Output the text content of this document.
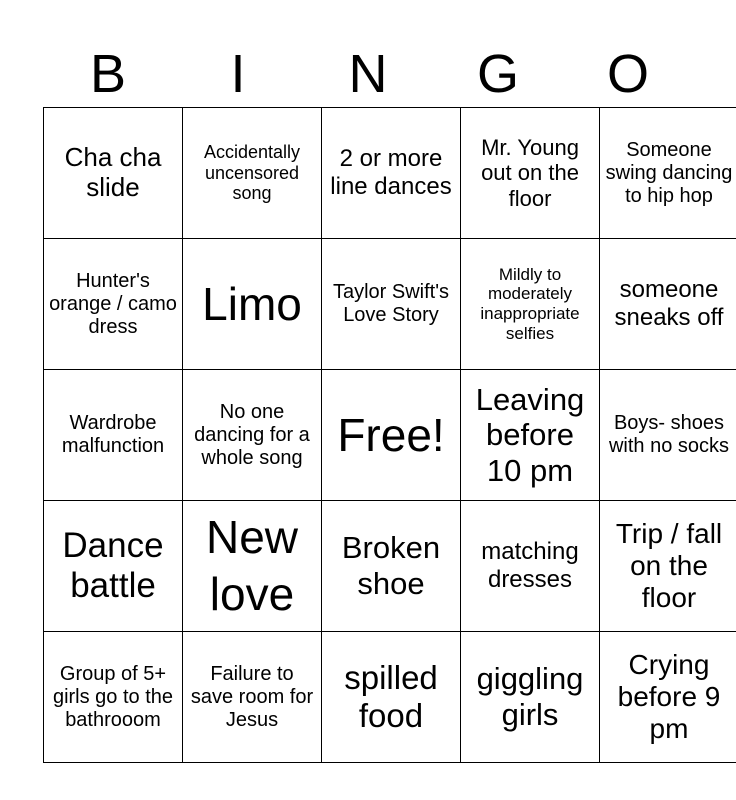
B	I	N	G	O
Cha cha slide	Accidentally uncensored song	2 or more line dances	Mr. Young out on the floor	Someone swing dancing to hip hop
Hunter's orange / camo dress	Limo	Taylor Swift's Love Story	Mildly to moderately inappropriate selfies	someone sneaks off
Wardrobe malfunction	No one dancing for a whole song	Free!	Leaving before 10 pm	Boys- shoes with no socks
Dance battle	New love	Broken shoe	matching dresses	Trip / fall on the floor
Group of 5+ girls go to the bathrooom	Failure to save room for Jesus	spilled food	giggling girls	Crying before 9 pm
